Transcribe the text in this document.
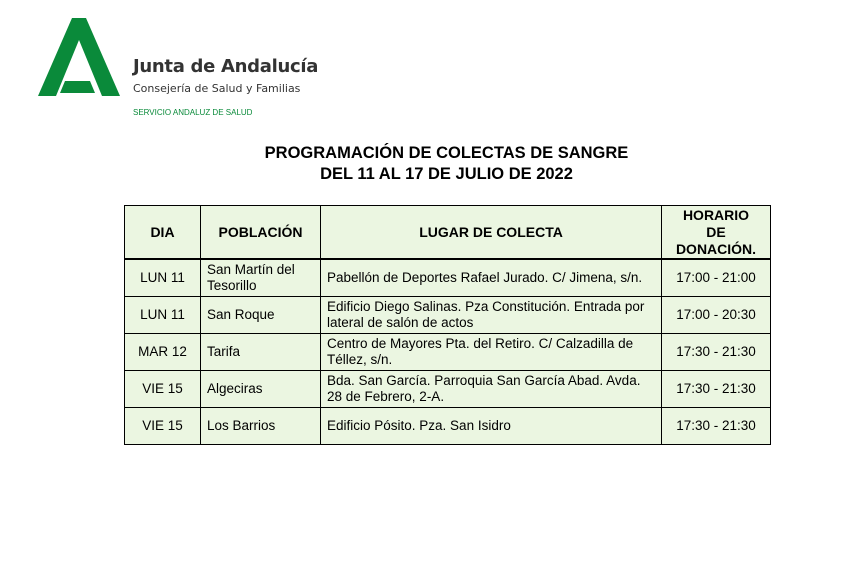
Junta de Andalucía
Consejería de Salud y Familias
SERVICIO ANDALUZ DE SALUD
PROGRAMACIÓN DE COLECTAS DE SANGRE
DEL 11 AL 17 DE JULIO DE 2022
DIA	POBLACIÓN	LUGAR DE COLECTA	HORARIO
DE
DONACIÓN.
LUN 11	San Martín del Tesorillo	Pabellón de Deportes Rafael Jurado. C/ Jimena, s/n.	17:00 - 21:00
LUN 11	San Roque	Edificio Diego Salinas. Pza Constitución. Entrada por lateral de salón de actos	17:00 - 20:30
MAR 12	Tarifa	Centro de Mayores Pta. del Retiro. C/ Calzadilla de Téllez, s/n.	17:30 - 21:30
VIE 15	Algeciras	Bda. San García. Parroquia San García Abad. Avda. 28 de Febrero, 2-A.	17:30 - 21:30
VIE 15	Los Barrios	Edificio Pósito. Pza. San Isidro	17:30 - 21:30
